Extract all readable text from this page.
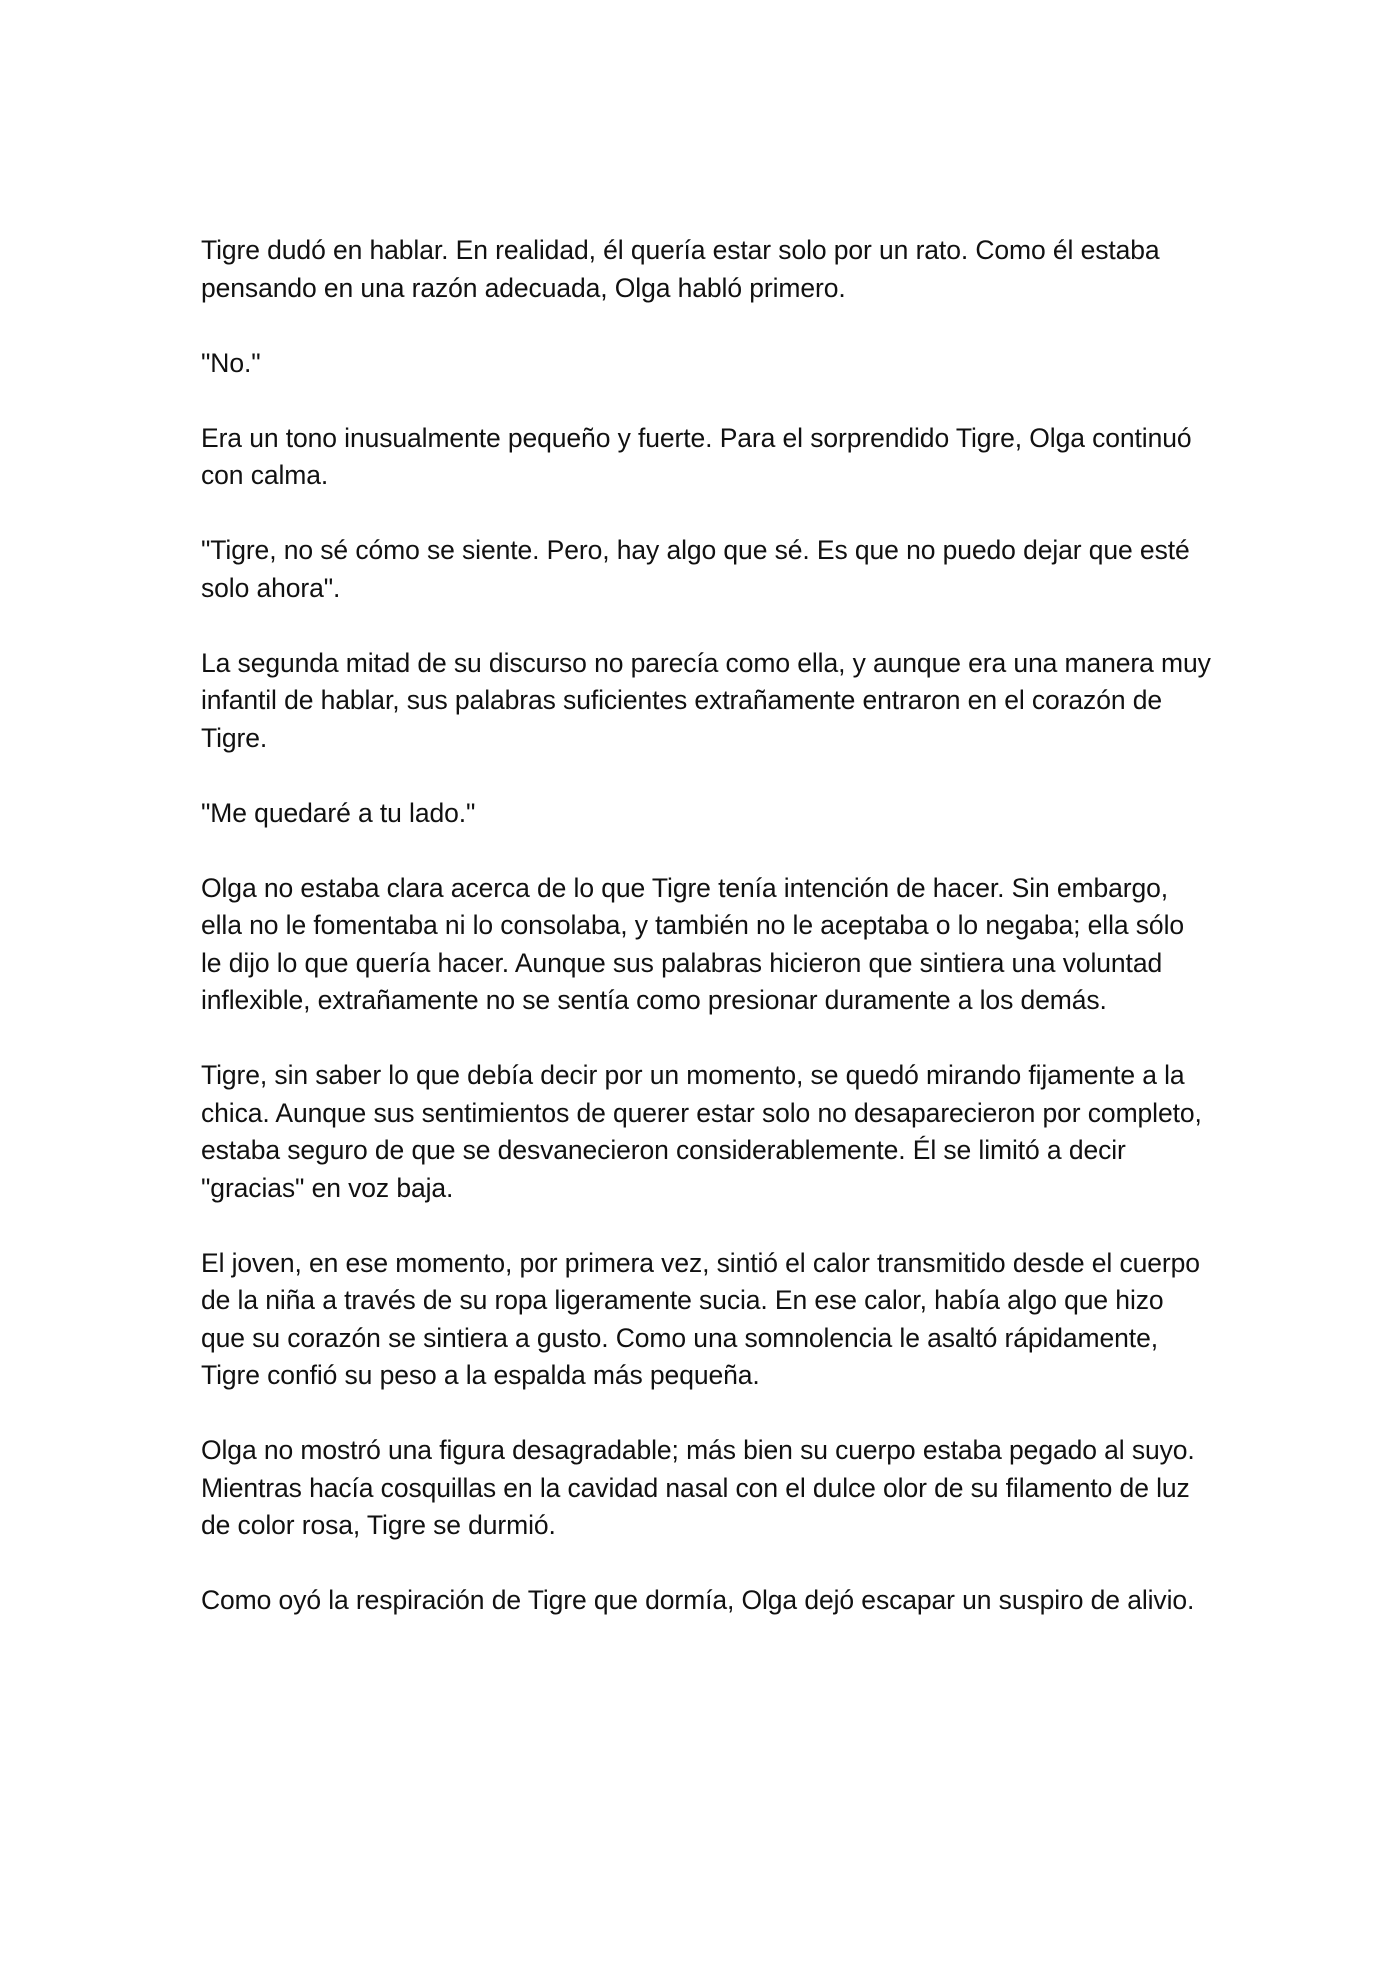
Tigre dudó en hablar. En realidad, él quería estar solo por un rato. Como él estaba pensando en una razón adecuada, Olga habló primero.

"No."

Era un tono inusualmente pequeño y fuerte. Para el sorprendido Tigre, Olga continuó con calma.

"Tigre, no sé cómo se siente. Pero, hay algo que sé. Es que no puedo dejar que esté solo ahora".

La segunda mitad de su discurso no parecía como ella, y aunque era una manera muy infantil de hablar, sus palabras suficientes extrañamente entraron en el corazón de Tigre.

"Me quedaré a tu lado."

Olga no estaba clara acerca de lo que Tigre tenía intención de hacer. Sin embargo, ella no le fomentaba ni lo consolaba, y también no le aceptaba o lo negaba; ella sólo le dijo lo que quería hacer. Aunque sus palabras hicieron que sintiera una voluntad inflexible, extrañamente no se sentía como presionar duramente a los demás.

Tigre, sin saber lo que debía decir por un momento, se quedó mirando fijamente a la chica. Aunque sus sentimientos de querer estar solo no desaparecieron por completo, estaba seguro de que se desvanecieron considerablemente. Él se limitó a decir "gracias" en voz baja.

El joven, en ese momento, por primera vez, sintió el calor transmitido desde el cuerpo de la niña a través de su ropa ligeramente sucia. En ese calor, había algo que hizo que su corazón se sintiera a gusto. Como una somnolencia le asaltó rápidamente, Tigre confió su peso a la espalda más pequeña.

Olga no mostró una figura desagradable; más bien su cuerpo estaba pegado al suyo. Mientras hacía cosquillas en la cavidad nasal con el dulce olor de su filamento de luz de color rosa, Tigre se durmió.

Como oyó la respiración de Tigre que dormía, Olga dejó escapar un suspiro de alivio.
